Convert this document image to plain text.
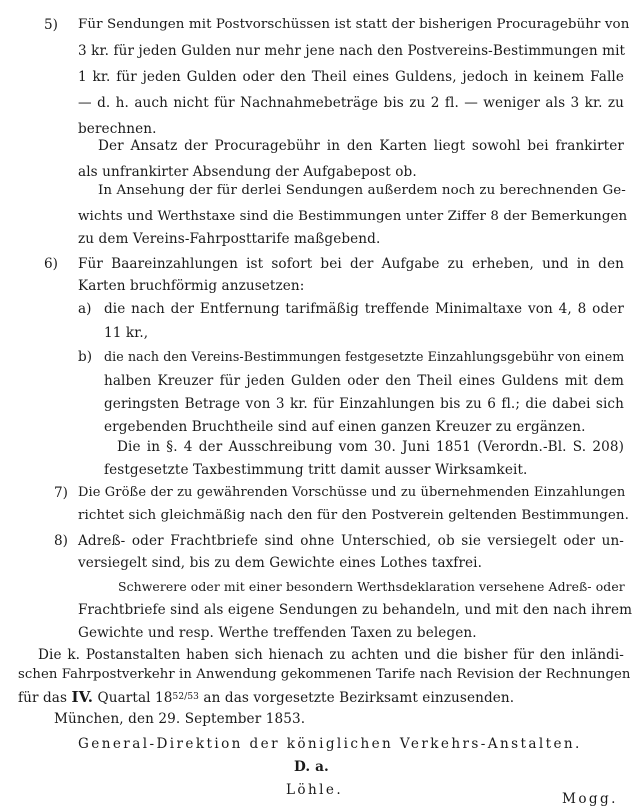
5) Für Sendungen mit Postvorschüssen ist statt der bisherigen Procuragebühr von
3 kr. für jeden Gulden nur mehr jene nach den Postvereins-Bestimmungen mit
1 kr. für jeden Gulden oder den Theil eines Guldens, jedoch in keinem Falle
— d. h. auch nicht für Nachnahmebeträge bis zu 2 fl. — weniger als 3 kr. zu
berechnen.
Der Ansatz der Procuragebühr in den Karten liegt sowohl bei frankirter
als unfrankirter Absendung der Aufgabepost ob.
In Ansehung der für derlei Sendungen außerdem noch zu berechnenden Ge-
wichts und Werthstaxe sind die Bestimmungen unter Ziffer 8 der Bemerkungen
zu dem Vereins-Fahrposttarife maßgebend.
6) Für Baareinzahlungen ist sofort bei der Aufgabe zu erheben, und in den
Karten bruchförmig anzusetzen:
a) die nach der Entfernung tarifmäßig treffende Minimaltaxe von 4, 8 oder
11 kr.,
b) die nach den Vereins-Bestimmungen festgesetzte Einzahlungsgebühr von einem
halben Kreuzer für jeden Gulden oder den Theil eines Guldens mit dem
geringsten Betrage von 3 kr. für Einzahlungen bis zu 6 fl.; die dabei sich
ergebenden Bruchtheile sind auf einen ganzen Kreuzer zu ergänzen.
Die in §. 4 der Ausschreibung vom 30. Juni 1851 (Verordn.-Bl. S. 208)
festgesetzte Taxbestimmung tritt damit ausser Wirksamkeit.
7) Die Größe der zu gewährenden Vorschüsse und zu übernehmenden Einzahlungen
richtet sich gleichmäßig nach den für den Postverein geltenden Bestimmungen.
8) Adreß- oder Frachtbriefe sind ohne Unterschied, ob sie versiegelt oder un-
versiegelt sind, bis zu dem Gewichte eines Lothes taxfrei.
Schwerere oder mit einer besondern Werthsdeklaration versehene Adreß- oder
Frachtbriefe sind als eigene Sendungen zu behandeln, und mit den nach ihrem
Gewichte und resp. Werthe treffenden Taxen zu belegen.
Die k. Postanstalten haben sich hienach zu achten und die bisher für den inländi-
schen Fahrpostverkehr in Anwendung gekommenen Tarife nach Revision der Rechnungen
für das IV. Quartal $18^{52/53}$ an das vorgesetzte Bezirksamt einzusenden.
München, den 29. September 1853.
General-Direktion der königlichen Verkehrs-Anstalten.
D. a.
Löhle.
Mogg.
